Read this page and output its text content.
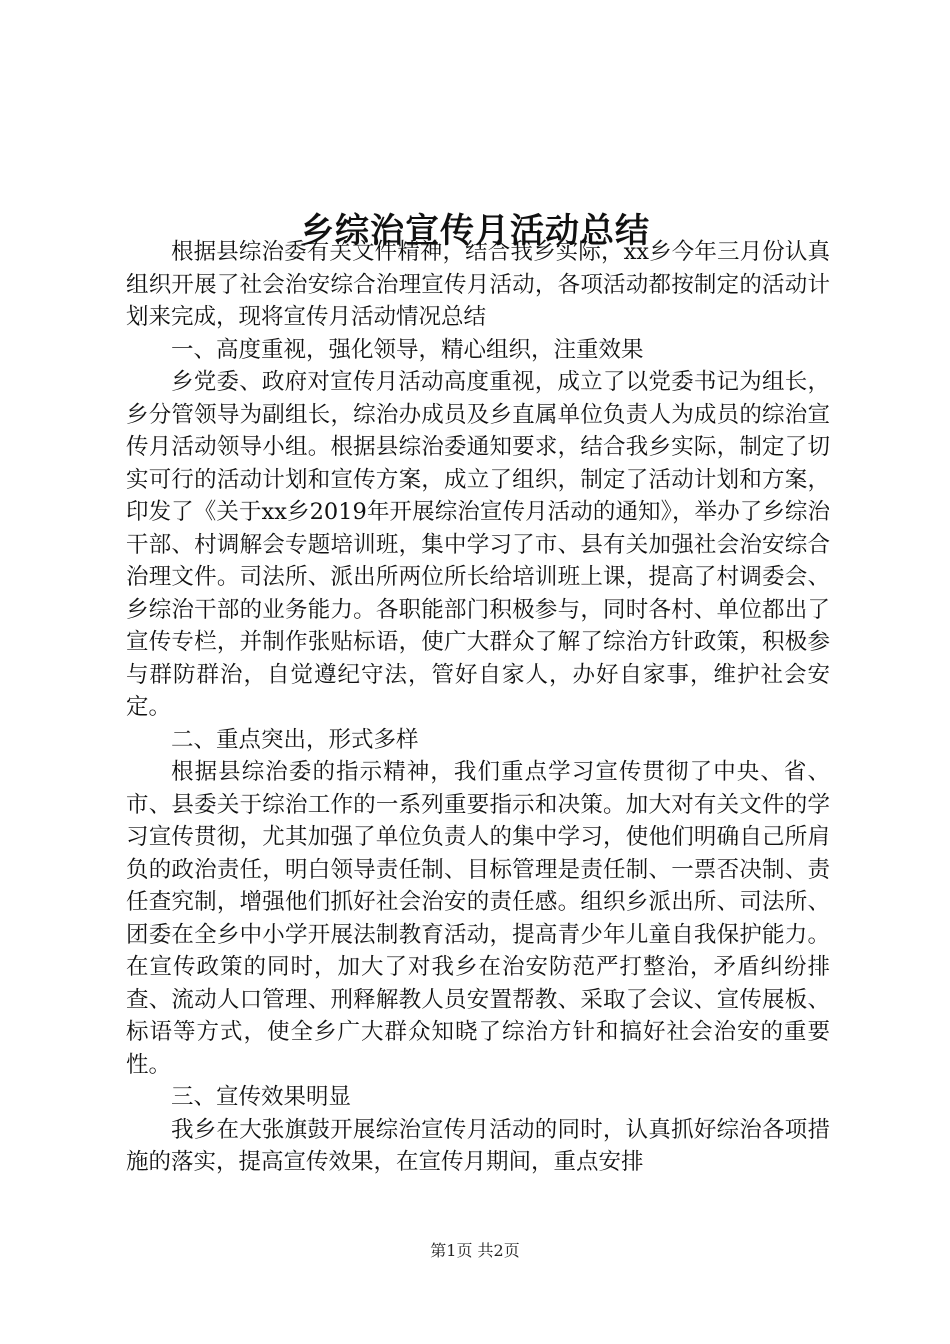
乡综治宣传月活动总结

根据县综治委有关文件精神，结合我乡实际，xx乡今年三月份认真组织开展了社会治安综合治理宣传月活动，各项活动都按制定的活动计划来完成，现将宣传月活动情况总结

一、高度重视，强化领导，精心组织，注重效果

乡党委、政府对宣传月活动高度重视，成立了以党委书记为组长，乡分管领导为副组长，综治办成员及乡直属单位负责人为成员的综治宣传月活动领导小组。根据县综治委通知要求，结合我乡实际，制定了切实可行的活动计划和宣传方案，成立了组织，制定了活动计划和方案，印发了《关于xx乡2019年开展综治宣传月活动的通知》，举办了乡综治干部、村调解会专题培训班，集中学习了市、县有关加强社会治安综合治理文件。司法所、派出所两位所长给培训班上课，提高了村调委会、乡综治干部的业务能力。各职能部门积极参与，同时各村、单位都出了宣传专栏，并制作张贴标语，使广大群众了解了综治方针政策，积极参与群防群治，自觉遵纪守法，管好自家人，办好自家事，维护社会安定。

二、重点突出，形式多样

根据县综治委的指示精神，我们重点学习宣传贯彻了中央、省、市、县委关于综治工作的一系列重要指示和决策。加大对有关文件的学习宣传贯彻，尤其加强了单位负责人的集中学习，使他们明确自己所肩负的政治责任，明白领导责任制、目标管理是责任制、一票否决制、责任查究制，增强他们抓好社会治安的责任感。组织乡派出所、司法所、团委在全乡中小学开展法制教育活动，提高青少年儿童自我保护能力。在宣传政策的同时，加大了对我乡在治安防范严打整治，矛盾纠纷排查、流动人口管理、刑释解教人员安置帮教、采取了会议、宣传展板、标语等方式，使全乡广大群众知晓了综治方针和搞好社会治安的重要性。

三、宣传效果明显

我乡在大张旗鼓开展综治宣传月活动的同时，认真抓好综治各项措施的落实，提高宣传效果，在宣传月期间，重点安排

第1页 共2页
